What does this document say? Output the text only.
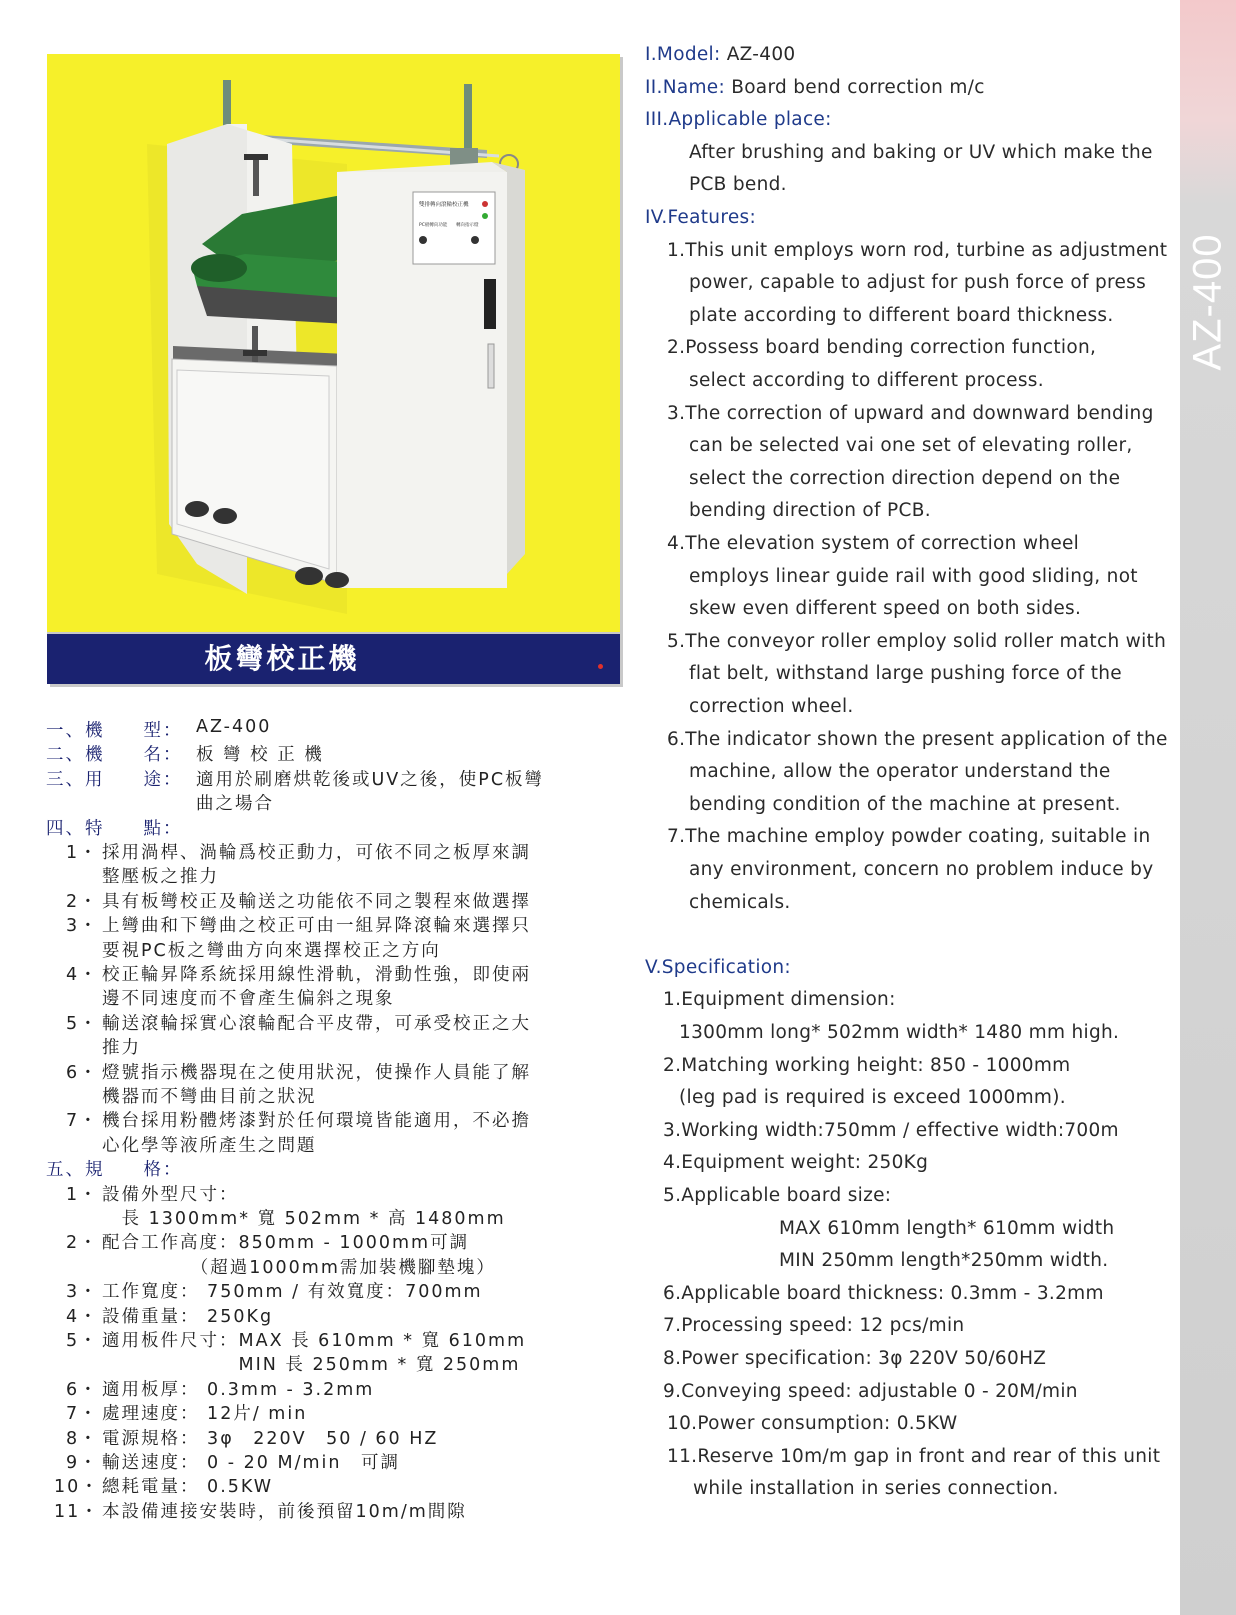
AZ-400
雙排轉向滾輪校正機
PC板轉向功能 轉向指示燈
板彎校正機
一、機　　型： AZ-400
二、機　　名： 板 彎 校 正 機
三、用　　途： 適用於刷磨烘乾後或UV之後，使PC板彎
曲之場合
四、特　　點：
1・ 採用渦桿、渦輪爲校正動力，可依不同之板厚來調
整壓板之推力
2・ 具有板彎校正及輸送之功能依不同之製程來做選擇
3・ 上彎曲和下彎曲之校正可由一組昇降滾輪來選擇只
要視PC板之彎曲方向來選擇校正之方向
4・ 校正輪昇降系統採用線性滑軌，滑動性強，即使兩
邊不同速度而不會產生偏斜之現象
5・ 輸送滾輪採實心滾輪配合平皮帶，可承受校正之大
推力
6・ 燈號指示機器現在之使用狀況，使操作人員能了解
機器而不彎曲目前之狀況
7・ 機台採用粉體烤漆對於任何環境皆能適用，不必擔
心化學等液所產生之問題
五、規　　格：
1・ 設備外型尺寸：
　長 1300mm* 寬 502mm * 高 1480mm
2・ 配合工作高度：850mm - 1000mm可調
　　　　　（超過1000mm需加裝機腳墊塊）
3・ 工作寬度： 750mm / 有效寬度：700mm
4・ 設備重量： 250Kg
5・ 適用板件尺寸：MAX 長 610mm * 寬 610mm
　　　　　　　MIN 長 250mm * 寬 250mm
6・ 適用板厚： 0.3mm - 3.2mm
7・ 處理速度： 12片/ min
8・ 電源規格： 3φ　220V　50 / 60 HZ
9・ 輸送速度： 0 - 20 M/min　可調
10・ 總耗電量： 0.5KW
11・ 本設備連接安裝時，前後預留10m/m間隙
I.Model: AZ-400
II.Name: Board bend correction m/c
III.Applicable place:
After brushing and baking or UV which make the
PCB bend.
IV.Features:
1.This unit employs worn rod, turbine as adjustment
power, capable to adjust for push force of press
plate according to different board thickness.
2.Possess board bending correction function,
select according to different process.
3.The correction of upward and downward bending
can be selected vai one set of elevating roller,
select the correction direction depend on the
bending direction of PCB.
4.The elevation system of correction wheel
employs linear guide rail with good sliding, not
skew even different speed on both sides.
5.The conveyor roller employ solid roller match with
flat belt, withstand large pushing force of the
correction wheel.
6.The indicator shown the present application of the
machine, allow the operator understand the
bending condition of the machine at present.
7.The machine employ powder coating, suitable in
any environment, concern no problem induce by
chemicals.
V.Specification:
1.Equipment dimension:
1300mm long* 502mm width* 1480 mm high.
2.Matching working height: 850 - 1000mm
(leg pad is required is exceed 1000mm).
3.Working width:750mm / effective width:700m
4.Equipment weight: 250Kg
5.Applicable board size:
MAX 610mm length* 610mm width
MIN 250mm length*250mm width.
6.Applicable board thickness: 0.3mm - 3.2mm
7.Processing speed: 12 pcs/min
8.Power specification: 3φ 220V 50/60HZ
9.Conveying speed: adjustable 0 - 20M/min
10.Power consumption: 0.5KW
11.Reserve 10m/m gap in front and rear of this unit
while installation in series connection.
